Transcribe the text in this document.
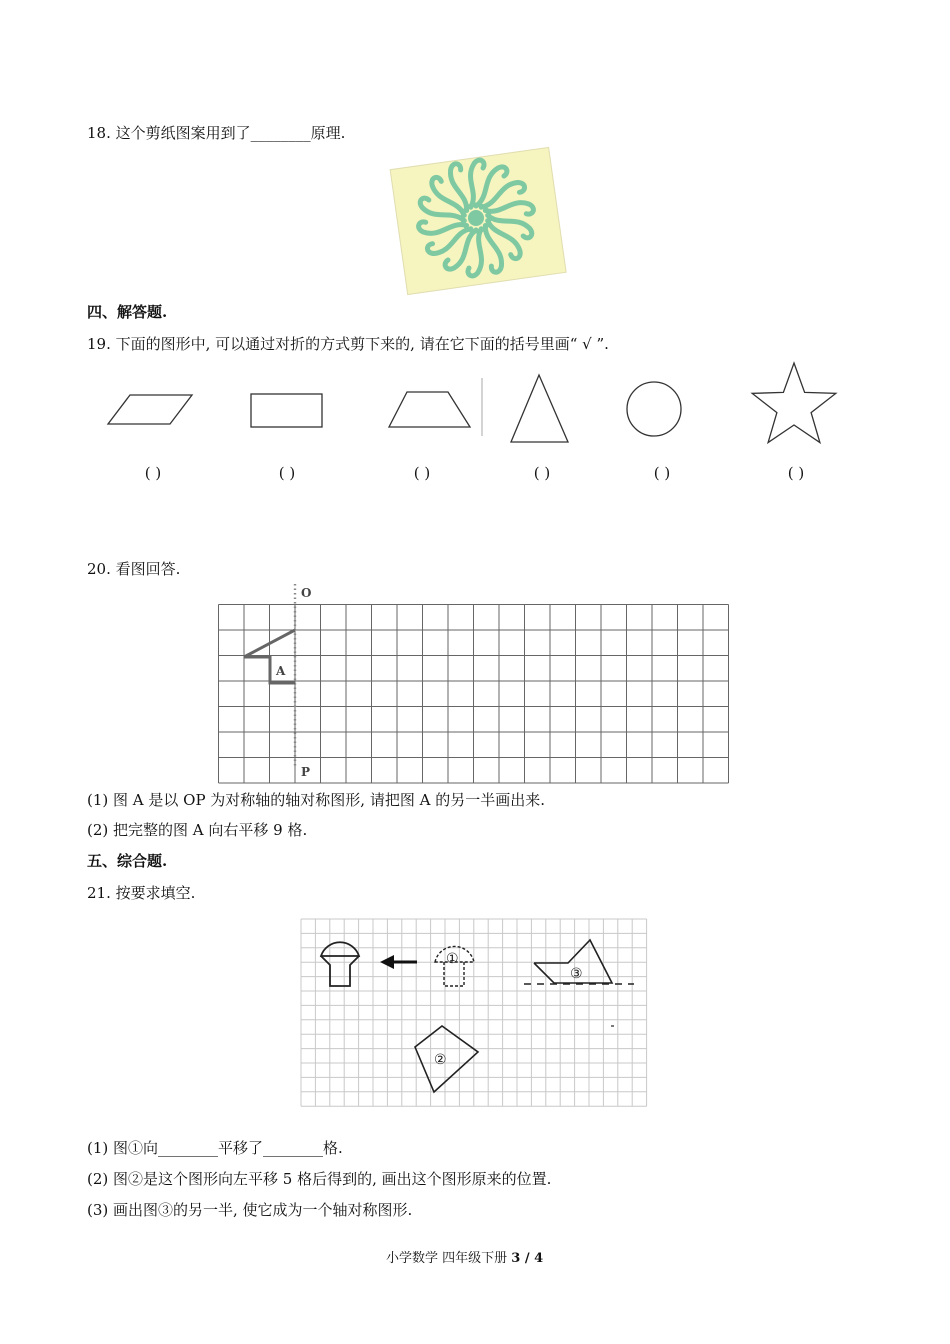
18. 这个剪纸图案用到了________原理.
四、解答题.
19. 下面的图形中, 可以通过对折的方式剪下来的, 请在它下面的括号里画“ √ ”.
( )	( )	( )	( )	( )	( )
20. 看图回答.
O
P
A
(1) 图 A 是以 OP 为对称轴的轴对称图形, 请把图 A 的另一半画出来.
(2) 把完整的图 A 向右平移 9 格.
五、综合题.
21. 按要求填空.
①
③
②
(1) 图①向________平移了________格.
(2) 图②是这个图形向左平移 5 格后得到的, 画出这个图形原来的位置.
(3) 画出图③的另一半, 使它成为一个轴对称图形.
小学数学 四年级下册 3 / 4
